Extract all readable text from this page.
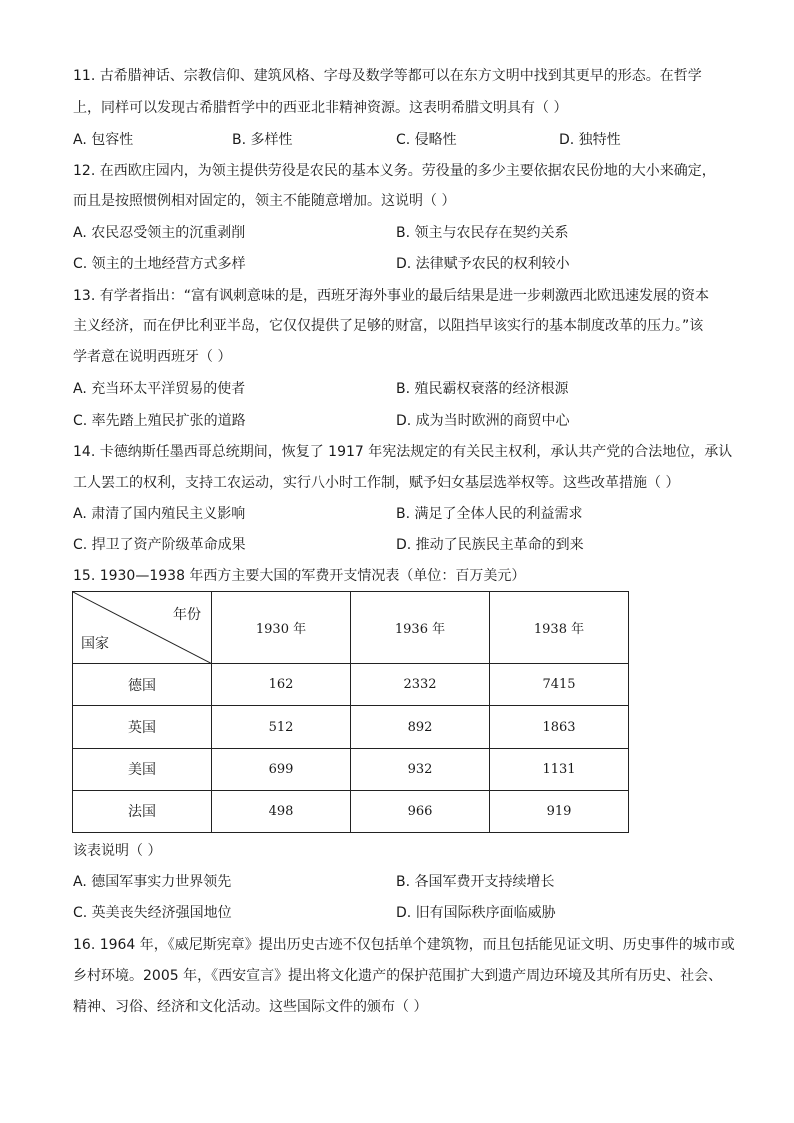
11. 古希腊神话、宗教信仰、建筑风格、字母及数学等都可以在东方文明中找到其更早的形态。在哲学
上，同样可以发现古希腊哲学中的西亚北非精神资源。这表明希腊文明具有（ ）
A. 包容性	B. 多样性	C. 侵略性	D. 独特性
12. 在西欧庄园内，为领主提供劳役是农民的基本义务。劳役量的多少主要依据农民份地的大小来确定，
而且是按照惯例相对固定的，领主不能随意增加。这说明（ ）
A. 农民忍受领主的沉重剥削	B. 领主与农民存在契约关系
C. 领主的土地经营方式多样	D. 法律赋予农民的权利较小
13. 有学者指出：“富有讽刺意味的是，西班牙海外事业的最后结果是进一步刺激西北欧迅速发展的资本
主义经济，而在伊比利亚半岛，它仅仅提供了足够的财富，以阻挡早该实行的基本制度改革的压力。”该
学者意在说明西班牙（ ）
A. 充当环太平洋贸易的使者	B. 殖民霸权衰落的经济根源
C. 率先踏上殖民扩张的道路	D. 成为当时欧洲的商贸中心
14. 卡德纳斯任墨西哥总统期间，恢复了 1917 年宪法规定的有关民主权利，承认共产党的合法地位，承认
工人罢工的权利，支持工农运动，实行八小时工作制，赋予妇女基层选举权等。这些改革措施（ ）
A. 肃清了国内殖民主义影响	B. 满足了全体人民的利益需求
C. 捍卫了资产阶级革命成果	D. 推动了民族民主革命的到来
15. 1930—1938 年西方主要大国的军费开支情况表（单位：百万美元）
年份
国家	1930 年	1936 年	1938 年
德国	162	2332	7415
英国	512	892	1863
美国	699	932	1131
法国	498	966	919
该表说明（ ）
A. 德国军事实力世界领先	B. 各国军费开支持续增长
C. 英美丧失经济强国地位	D. 旧有国际秩序面临威胁
16. 1964 年，《威尼斯宪章》提出历史古迹不仅包括单个建筑物，而且包括能见证文明、历史事件的城市或
乡村环境。2005 年，《西安宣言》提出将文化遗产的保护范围扩大到遗产周边环境及其所有历史、社会、
精神、习俗、经济和文化活动。这些国际文件的颁布（ ）
